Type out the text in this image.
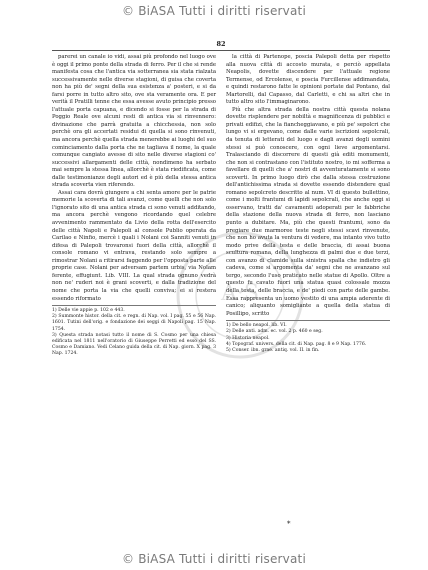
© BiASA Tutti i diritti riservati
82
A·S

parerei un canale io vidi, assai più profondo nel luogo ove è oggi il primo ponte della strada di ferro. Per il che si rende manifesta cosa che l'antica via sotterranea sia stata rialzata successivamente nelle diverse stagioni, di guisa che coverta non ha più de' segni della sua esistenza a' posteri, e si da farsi porre in tutto altro sito, ove sta veramente ora. E per verità il Pratilli tenne che essa avesse avuto principio presso l'attuale porta capuana, e dicendo si fosse per la strada di Poggio Reale ove alcuni resti di antica via si rinvennero: divinazione che parrà gratuita a chicchessia, non solo perchè ora gli accertati residui di quella si sono rinvenuti, ma ancora perchè quella strada menerebbe ai luoghi del suo cominciamento dalla porta che ne tagliava il nome, la quale comunque cangiato avesse di sito nelle diverse stagioni co' successivi allargamenti delle città, nondimeno ha serbato mai sempre la stessa linea, allorchè è stata riedificata, come dalle testimonianze degli autori ed è più della stessa antica strada scoverta vien riferendo.

Assai cara dovrà giungere a chi senta amore per le patrie memorie la scoverta di tali avanzi, come quelli che non solo l'ignorato sito di una antica strada ci sono venuti additando, ma ancora perchè vengono ricordando quel celebre avvenimento rammentato da Livio della rotta dell'esercito delle città Napoli e Palepoli al console Publio operata da Carilao e Ninfio, mercè i quali i Nolani coi Sanniti venuti in difesa di Palepoli trovaronsi fuori della città, allorchè il console romano vi entrava, restando solo sempre a rimostrar Nolani a ritirarsi faggendo per l'opposta parte alle proprie case. Nolani per adversam partem urbis, via Nolam ferente, effugiunt. Lib. VIII. La qual strada ognuno vedrà non ne' ruderi noi è grani scoverti, e dalla tradizione del nome che porta la via che quelli conviva; ei si restera essendo riformato

1) Delle vie appie p. 102 e 443.
2) Summonte histor. della cit. e regn. di Nap. vol. I pag. 55 e 56 Nap. 1601. Tutini dell'orig. e fondazione dei seggi di Napoli pag. 15 Nap. 1754.
3) Questa strada notasi tutto il nome di S. Cosmo per una chiesa edificata nel 1811 nell'oratorio di Giuseppe Perretti ed esso del SS. Cosmo e Damiano. Vedi Celano guida della cit. di Nap. giorn. X pag. 3 Nap. 1724.

la città di Partenope, poscia Palepoli detta per rispetto alla nuova città di accosto murata, e perciò appellata Neapolis, dovette discendere per l'attuale regione Termense, od Ercolense, e poscia Furcillense addimandata, e quindi restarono fatte le opinioni portate dal Pontano, dal Martorelli, dal Capasso, dal Carletti, e chi sa altri che in tutto altro sito l'immaginarono.

Più che altra strada della nostra città questa nolana dovette risplendere per nobiltà e magnificenza di pubblici e privati edifizi, che la fiancheggiavano, e più pe' sepolcri che lungo vi si ergevano, come dalle varie iscrizioni sepolcrali, da tenuta di letterati del luogo e dagli avanzi degli uomini stessi si può conoscere, con ogni lieve argomentarsi. Tralasciando di discorrere di questi già editi monumenti, che non si contrastano con l'istituto nostro, io mi sofferma a favellare di quelli che a' nostri di avventuratamente si sono scoverti. In primo luogo dirò che dalla stessa costruzione dell'antichissima strada si dovette essendo distendere qual romano sepolcreto descritto al num. VI di questo bullettino, come i molti frantumi di lapidi sepolcrali, che anche oggi si osservano, tratti da' cavamenti adoperati per le fabbriche della stazione della nuova strada di ferro, non lasciano punto a dubitare. Ma, più che questi frantumi, sono da pregiare due marmoree teste negli stessi scavi rinvenute, che non ho avuta la ventura di vedere, ma intanto vivo tutto modo prive della testa e delle braccia, di assai buona scultura romana, della lunghezza di palmi due e due terzi, con avanzo di clamide sulla sinistra spalla che indietro gli cadeva, come si argomenta da' segni che ne avanzano sul tergo, secondo l'uso praticato nelle statue di Apollo. Oltre a questo fu cavato fuori una statua quasi colossale mozza della testa, delle braccia, e de' piedi con parte delle gambe. Essa rappresenta un uomo vestito di una ampia aderente di canico; aliquanto somigliante a quella della statua di Posillipo, scritto

1) De bello neapol. lib. VI.
2) Delle anti. adm. ec. vol. 2 p. 460 e seg.
3) Historia neapol.
4) Topograf. univers. della cit. di Nap. pag. 8 e 9 Nap. 1776.
5) Conser. ibn. grae. antiq. vol. II. in fin.
*
© BiASA Tutti i diritti riservati
